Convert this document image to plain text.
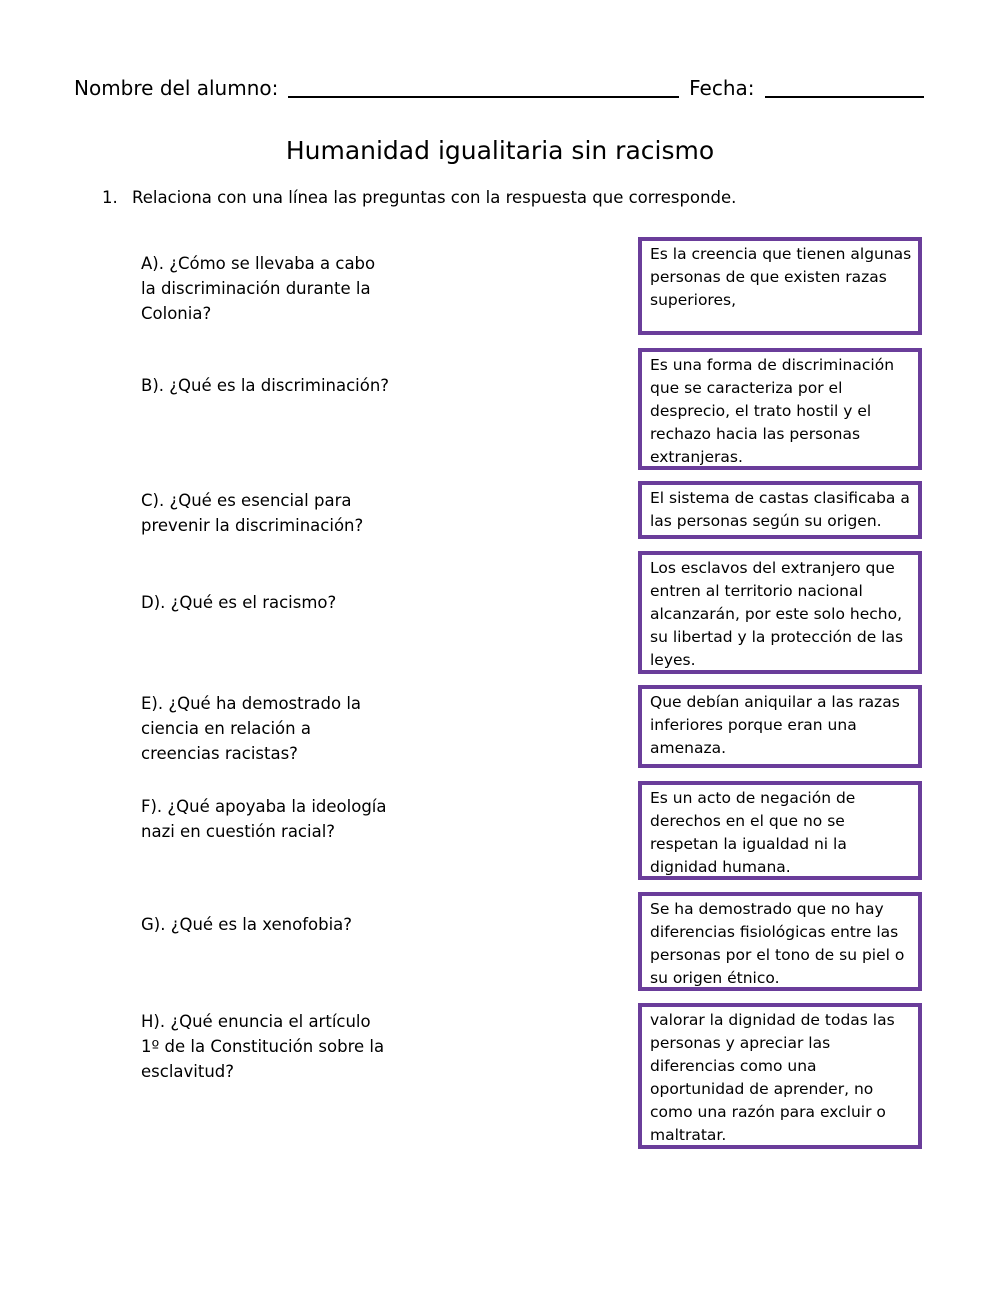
Nombre del alumno:	Fecha:
Humanidad igualitaria sin racismo
1. Relaciona con una línea las preguntas con la respuesta que corresponde.
A). ¿Cómo se llevaba a cabo la discriminación durante la Colonia?
B). ¿Qué es la discriminación?
C). ¿Qué es esencial para prevenir la discriminación?
D). ¿Qué es el racismo?
E). ¿Qué ha demostrado la ciencia en relación a creencias racistas?
F). ¿Qué apoyaba la ideología nazi en cuestión racial?
G). ¿Qué es la xenofobia?
H). ¿Qué enuncia el artículo 1º de la Constitución sobre la esclavitud?
Es la creencia que tienen algunas personas de que existen razas superiores,
Es una forma de discriminación que se caracteriza por el desprecio, el trato hostil y el rechazo hacia las personas extranjeras.
El sistema de castas clasificaba a las personas según su origen.
Los esclavos del extranjero que entren al territorio nacional alcanzarán, por este solo hecho, su libertad y la protección de las leyes.
Que debían aniquilar a las razas inferiores porque eran una amenaza.
Es un acto de negación de derechos en el que no se respetan la igualdad ni la dignidad humana.
Se ha demostrado que no hay diferencias fisiológicas entre las personas por el tono de su piel o su origen étnico.
valorar la dignidad de todas las personas y apreciar las diferencias como una oportunidad de aprender, no como una razón para excluir o maltratar.
